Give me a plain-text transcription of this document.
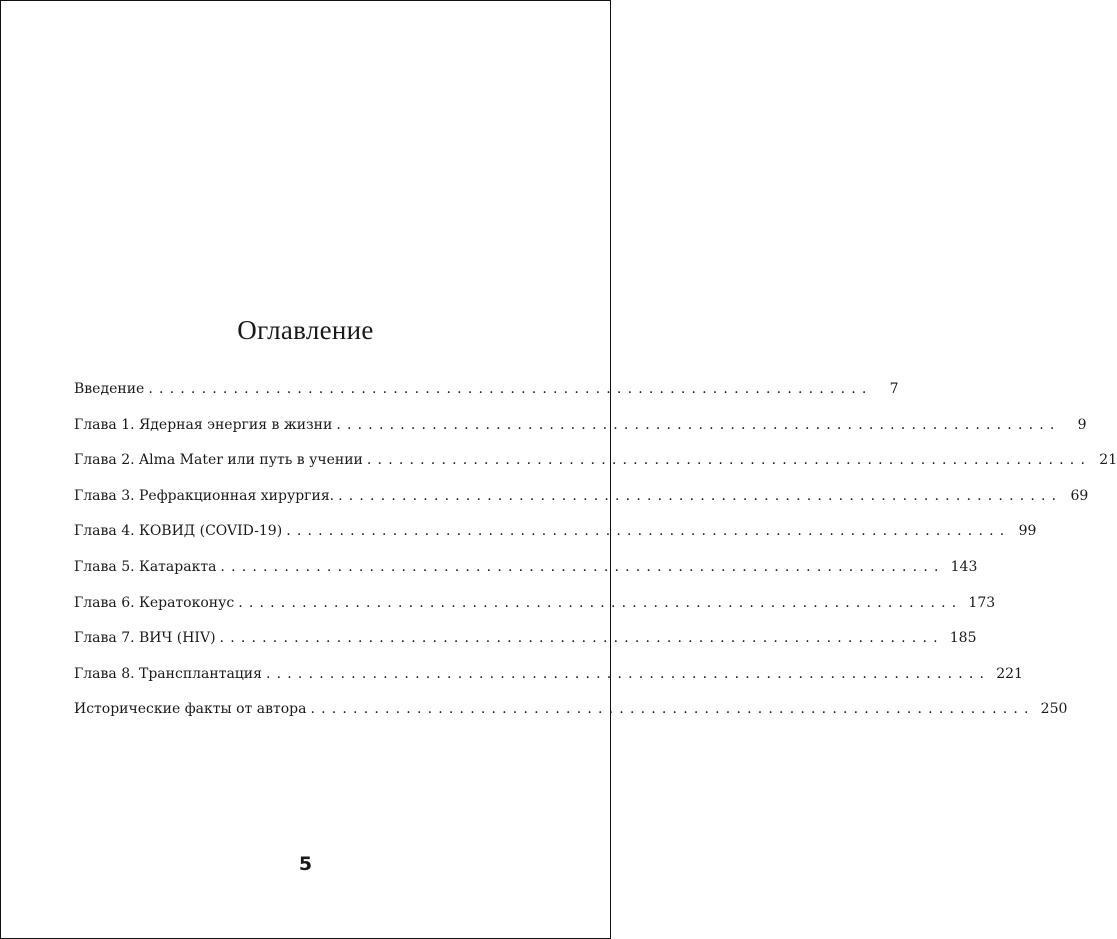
Оглавление
Введение ....................................................................	7
Глава 1. Ядерная энергия в жизни ....................................................................	9
Глава 2. Alma Mater или путь в учении .................................................................... 21
Глава 3. Рефракционная хирургия. .................................................................... 69
Глава 4. КОВИД (COVID-19) .................................................................... 99
Глава 5. Катаракта .................................................................... 143
Глава 6. Кератоконус .................................................................... 173
Глава 7. ВИЧ (HIV) .................................................................... 185
Глава 8. Трансплантация .................................................................... 221
Исторические факты от автора .................................................................... 250
5
